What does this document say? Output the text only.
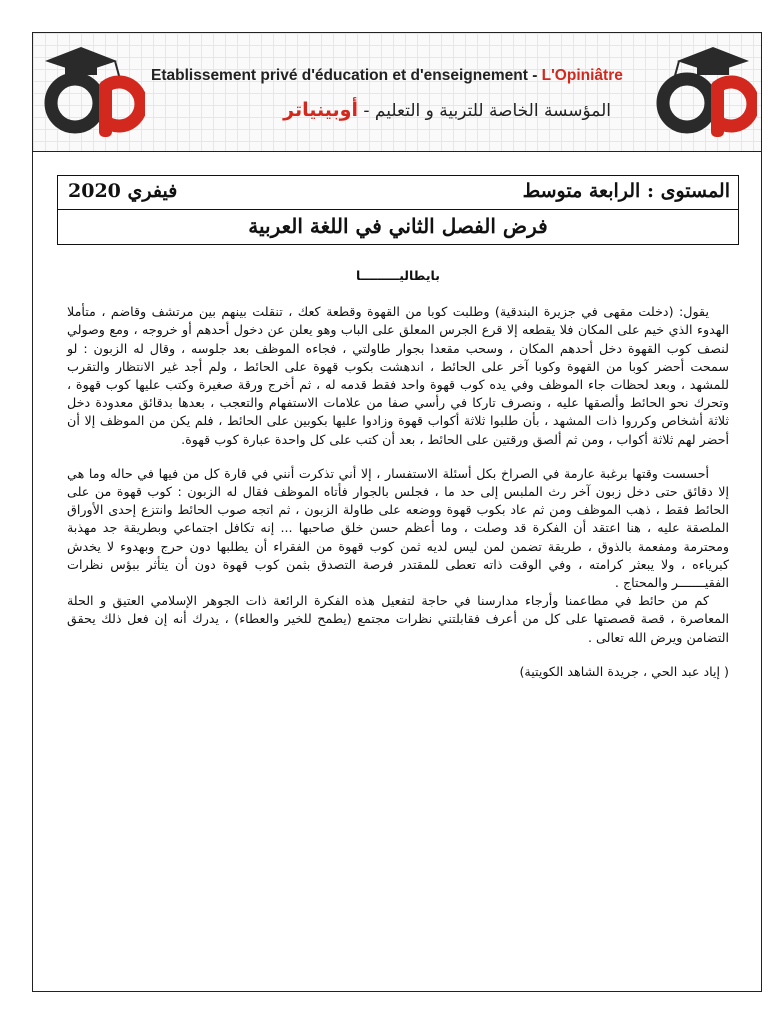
Etablissement privé d'éducation et d'enseignement - L'Opiniâtre
المؤسسة الخاصة للتربية و التعليم - أوبينياتر
المستوى : الرابعة متوسط
فيفري 2020
فرض الفصل الثاني في اللغة العربية
بايطاليـــــــــا

يقول: (دخلت مقهى في جزيرة البندقية) وطلبت كوبا من القهوة وقطعة كعك ، تنقلت بينهم بين مرتشف وقاضم ، متأملا الهدوء الذي خيم على المكان فلا يقطعه إلا قرع الجرس المعلق على الباب وهو يعلن عن دخول أحدهم أو خروجه ، ومع وصولي لنصف كوب القهوة دخل أحدهم المكان ، وسحب مقعدا بجوار طاولتي ، فجاءه الموظف بعد جلوسه ، وقال له الزبون : لو سمحت أحضر كوبا من القهوة وكوبا آخر على الحائط ، اندهشت بكوب قهوة على الحائط ، ولم أجد غير الانتظار والتقرب للمشهد ، وبعد لحظات جاء الموظف وفي يده كوب قهوة واحد فقط قدمه له ، ثم أخرج ورقة صغيرة وكتب عليها كوب قهوة ، وتحرك نحو الحائط وألصقها عليه ، ونصرف تاركا في رأسي صفا من علامات الاستفهام والتعجب ، بعدها بدقائق معدودة دخل ثلاثة أشخاص وكرروا ذات المشهد ، بأن طلبوا ثلاثة أكواب قهوة وزادوا عليها بكوبين على الحائط ، فلم يكن من الموظف إلا أن أحضر لهم ثلاثة أكواب ، ومن ثم ألصق ورقتين على الحائط ، بعد أن كتب على كل واحدة عبارة كوب قهوة.

أحسست وقتها برغبة عارمة في الصراخ بكل أسئلة الاستفسار ، إلا أني تذكرت أنني في قارة كل من فيها في حاله وما هي إلا دقائق حتى دخل زبون آخر رث الملبس إلى حد ما ، فجلس بالجوار فأتاه الموظف فقال له الزبون : كوب قهوة من على الحائط فقط ، ذهب الموظف ومن ثم عاد بكوب قهوة ووضعه على طاولة الزبون ، ثم اتجه صوب الحائط وانتزع إحدى الأوراق الملصقة عليه ، هنا اعتقد أن الفكرة قد وصلت ، وما أعظم حسن خلق صاحبها ... إنه تكافل اجتماعي وبطريقة جد مهذبة ومحترمة ومفعمة بالذوق ، طريقة تضمن لمن ليس لديه ثمن كوب قهوة من الفقراء أن يطلبها دون حرج وبهدوء لا يخدش كبرياءه ، ولا يبعثر كرامته ، وفي الوقت ذاته تعطى للمقتدر فرصة التصدق بثمن كوب قهوة دون أن يتأثر ببؤس نظرات الفقيـــــــر والمحتاج .

كم من حائط في مطاعمنا وأرجاء مدارسنا في حاجة لتفعيل هذه الفكرة الرائعة ذات الجوهر الإسلامي العتيق و الحلة المعاصرة ، قصة قصصتها على كل من أعرف فقابلتني نظرات مجتمع (يطمح للخير والعطاء) ، يدرك أنه إن فعل ذلك يحقق التضامن ويرض الله تعالى .

( إياد عبد الحي ، جريدة الشاهد الكويتية)
